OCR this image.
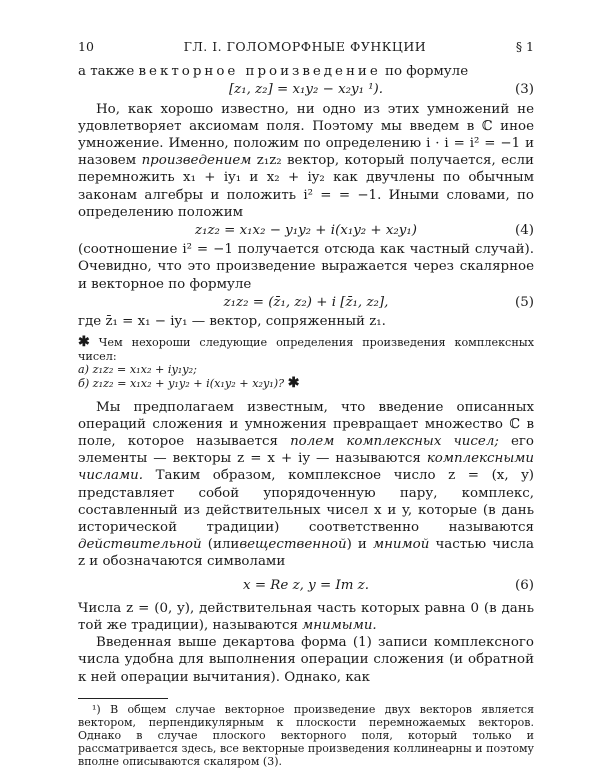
10	ГЛ. I. ГОЛОМОРФНЫЕ ФУНКЦИИ	§ 1

а также векторное произведение по формуле

[z₁, z₂] = x₁y₂ − x₂y₁ ¹).	(3)

Но, как хорошо известно, ни одно из этих умножений не удовлетворяет аксиомам поля. Поэтому мы введем в ℂ иное умножение. Именно, положим по определению i · i = i² = −1 и назовем произведением z₁z₂ вектор, который получается, если перемножить x₁ + iy₁ и x₂ + iy₂ как двучлены по обычным законам алгебры и положить i² = = −1. Иными словами, по определению положим

z₁z₂ = x₁x₂ − y₁y₂ + i(x₁y₂ + x₂y₁)	(4)

(соотношение i² = −1 получается отсюда как частный случай). Очевидно, что это произведение выражается через скалярное и векторное по формуле

z₁z₂ = (z̄₁, z₂) + i [z̄₁, z₂],	(5)

где z̄₁ = x₁ − iy₁ — вектор, сопряженный z₁.

✱ Чем нехороши следующие определения произведения комплексных чисел:
а) z₁z₂ = x₁x₂ + iy₁y₂;
б) z₁z₂ = x₁x₂ + y₁y₂ + i(x₁y₂ + x₂y₁)? ✱

Мы предполагаем известным, что введение описанных операций сложения и умножения превращает множество ℂ в поле, которое называется полем комплексных чисел; его элементы — векторы z = x + iy — называются комплексными числами. Таким образом, комплексное число z = (x, y) представляет собой упорядоченную пару, комплекс, составленный из действительных чисел x и y, которые (в дань исторической традиции) соответственно называются действительной (иливещественной) и мнимой частью числа z и обозначаются символами

x = Re z, y = Im z.	(6)

Числа z = (0, y), действительная часть которых равна 0 (в дань той же традиции), называются мнимыми.

Введенная выше декартова форма (1) записи комплексного числа удобна для выполнения операции сложения (и обратной к ней операции вычитания). Однако, как

¹) В общем случае векторное произведение двух векторов является вектором, перпендикулярным к плоскости перемножаемых векторов. Однако в случае плоского векторного поля, который только и рассматривается здесь, все векторные произведения коллинеарны и поэтому вполне описываются скаляром (3).
